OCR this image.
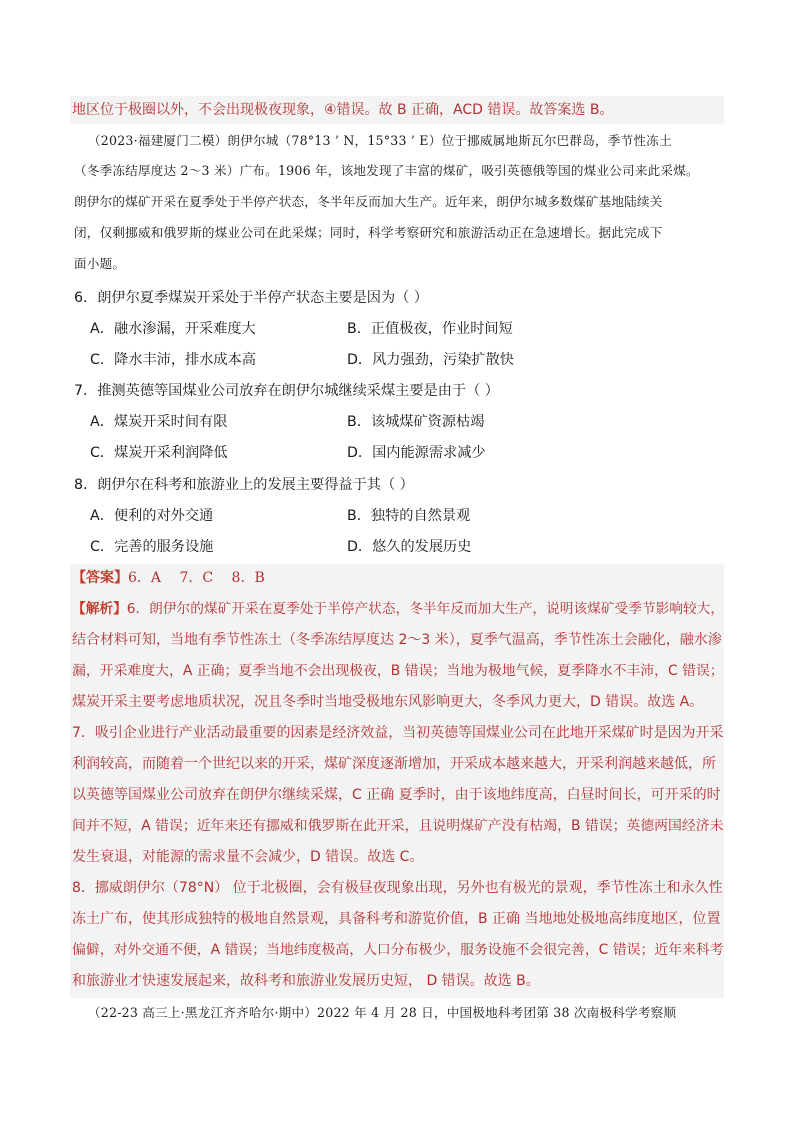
地区位于极圈以外，不会出现极夜现象，④错误。故 B 正确，ACD 错误。故答案选 B。
（2023·福建厦门二模）朗伊尔城（78°13 ’ N，15°33 ’ E）位于挪威属地斯瓦尔巴群岛，季节性冻土
（冬季冻结厚度达 2～3 米）广布。1906 年，该地发现了丰富的煤矿，吸引英德俄等国的煤业公司来此采煤。
朗伊尔的煤矿开采在夏季处于半停产状态，冬半年反而加大生产。近年来，朗伊尔城多数煤矿基地陆续关
闭，仅剩挪威和俄罗斯的煤业公司在此采煤；同时，科学考察研究和旅游活动正在急速增长。据此完成下
面小题。
6．朗伊尔夏季煤炭开采处于半停产状态主要是因为（ ）
A．融水渗漏，开采难度大	B．正值极夜，作业时间短
C．降水丰沛，排水成本高	D．风力强劲，污染扩散快
7．推测英德等国煤业公司放弃在朗伊尔城继续采煤主要是由于（ ）
A．煤炭开采时间有限	B．该城煤矿资源枯竭
C．煤炭开采利润降低	D．国内能源需求减少
8．朗伊尔在科考和旅游业上的发展主要得益于其（ ）
A．便利的对外交通	B．独特的自然景观
C．完善的服务设施	D．悠久的发展历史
【答案】6．A　 7．C　 8．B
【解析】6．朗伊尔的煤矿开采在夏季处于半停产状态，冬半年反而加大生产，说明该煤矿受季节影响较大，
结合材料可知，当地有季节性冻土（冬季冻结厚度达 2～3 米），夏季气温高，季节性冻土会融化，融水渗
漏，开采难度大，A 正确；夏季当地不会出现极夜，B 错误；当地为极地气候，夏季降水不丰沛，C 错误；
煤炭开采主要考虑地质状况，况且冬季时当地受极地东风影响更大，冬季风力更大，D 错误。故选 A。
7．吸引企业进行产业活动最重要的因素是经济效益，当初英德等国煤业公司在此地开采煤矿时是因为开采
利润较高，而随着一个世纪以来的开采，煤矿深度逐渐增加，开采成本越来越大，开采利润越来越低，所
以英德等国煤业公司放弃在朗伊尔继续采煤，C 正确 夏季时，由于该地纬度高，白昼时间长，可开采的时
间并不短，A 错误；近年来还有挪威和俄罗斯在此开采，且说明煤矿产没有枯竭，B 错误；英德两国经济未
发生衰退，对能源的需求量不会减少，D 错误。故选 C。
8．挪威朗伊尔（78°N） 位于北极圈，会有极昼夜现象出现，另外也有极光的景观，季节性冻土和永久性
冻土广布，使其形成独特的极地自然景观，具备科考和游览价值，B 正确 当地地处极地高纬度地区，位置
偏僻，对外交通不便，A 错误；当地纬度极高，人口分布极少，服务设施不会很完善，C 错误；近年来科考
和旅游业才快速发展起来，故科考和旅游业发展历史短， D 错误。故选 B。
（22-23 高三上·黑龙江齐齐哈尔·期中）2022 年 4 月 28 日，中国极地科考团第 38 次南极科学考察顺
